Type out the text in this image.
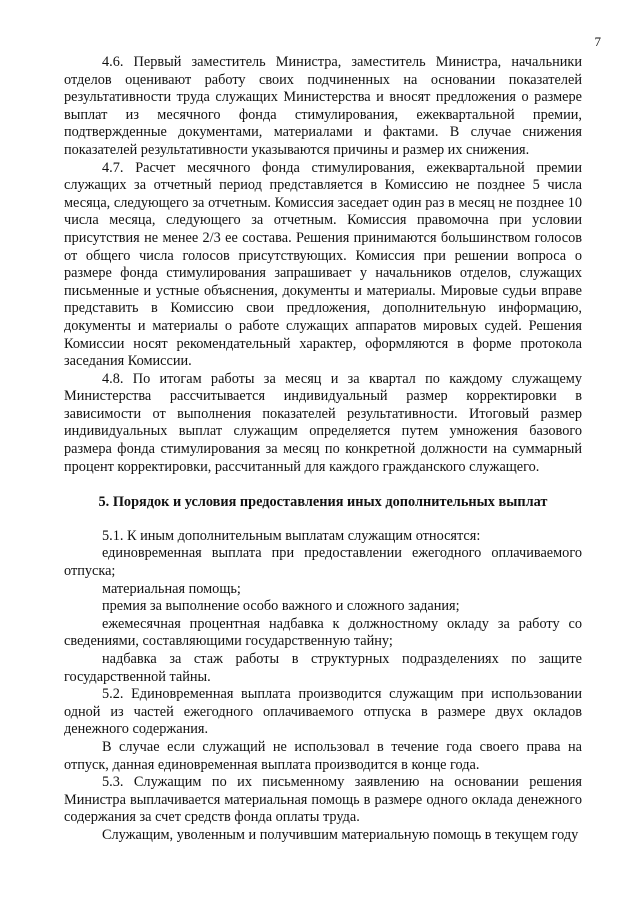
7

4.6. Первый заместитель Министра, заместитель Министра, начальники отделов оценивают работу своих подчиненных на основании показателей результативности труда служащих Министерства и вносят предложения о размере выплат из месячного фонда стимулирования, ежеквартальной премии, подтвержденные документами, материалами и фактами. В случае снижения показателей результативности указываются причины и размер их снижения.

4.7. Расчет месячного фонда стимулирования, ежеквартальной премии служащих за отчетный период представляется в Комиссию не позднее 5 числа месяца, следующего за отчетным. Комиссия заседает один раз в месяц не позднее 10 числа месяца, следующего за отчетным. Комиссия правомочна при условии присутствия не менее 2/3 ее состава. Решения принимаются большинством голосов от общего числа голосов присутствующих. Комиссия при решении вопроса о размере фонда стимулирования запрашивает у начальников отделов, служащих письменные и устные объяснения, документы и материалы. Мировые судьи вправе представить в Комиссию свои предложения, дополнительную информацию, документы и материалы о работе служащих аппаратов мировых судей. Решения Комиссии носят рекомендательный характер, оформляются в форме протокола заседания Комиссии.

4.8. По итогам работы за месяц и за квартал по каждому служащему Министерства рассчитывается индивидуальный размер корректировки в зависимости от выполнения показателей результативности. Итоговый размер индивидуальных выплат служащим определяется путем умножения базового размера фонда стимулирования за месяц по конкретной должности на суммарный процент корректировки, рассчитанный для каждого гражданского служащего.

5. Порядок и условия предоставления иных дополнительных выплат

5.1. К иным дополнительным выплатам служащим относятся:

единовременная выплата при предоставлении ежегодного оплачиваемого отпуска;

материальная помощь;

премия за выполнение особо важного и сложного задания;

ежемесячная процентная надбавка к должностному окладу за работу со сведениями, составляющими государственную тайну;

надбавка за стаж работы в структурных подразделениях по защите государственной тайны.

5.2. Единовременная выплата производится служащим при использовании одной из частей ежегодного оплачиваемого отпуска в размере двух окладов денежного содержания.

В случае если служащий не использовал в течение года своего права на отпуск, данная единовременная выплата производится в конце года.

5.3. Служащим по их письменному заявлению на основании решения Министра выплачивается материальная помощь в размере одного оклада денежного содержания за счет средств фонда оплаты труда.

Служащим, уволенным и получившим материальную помощь в текущем году
